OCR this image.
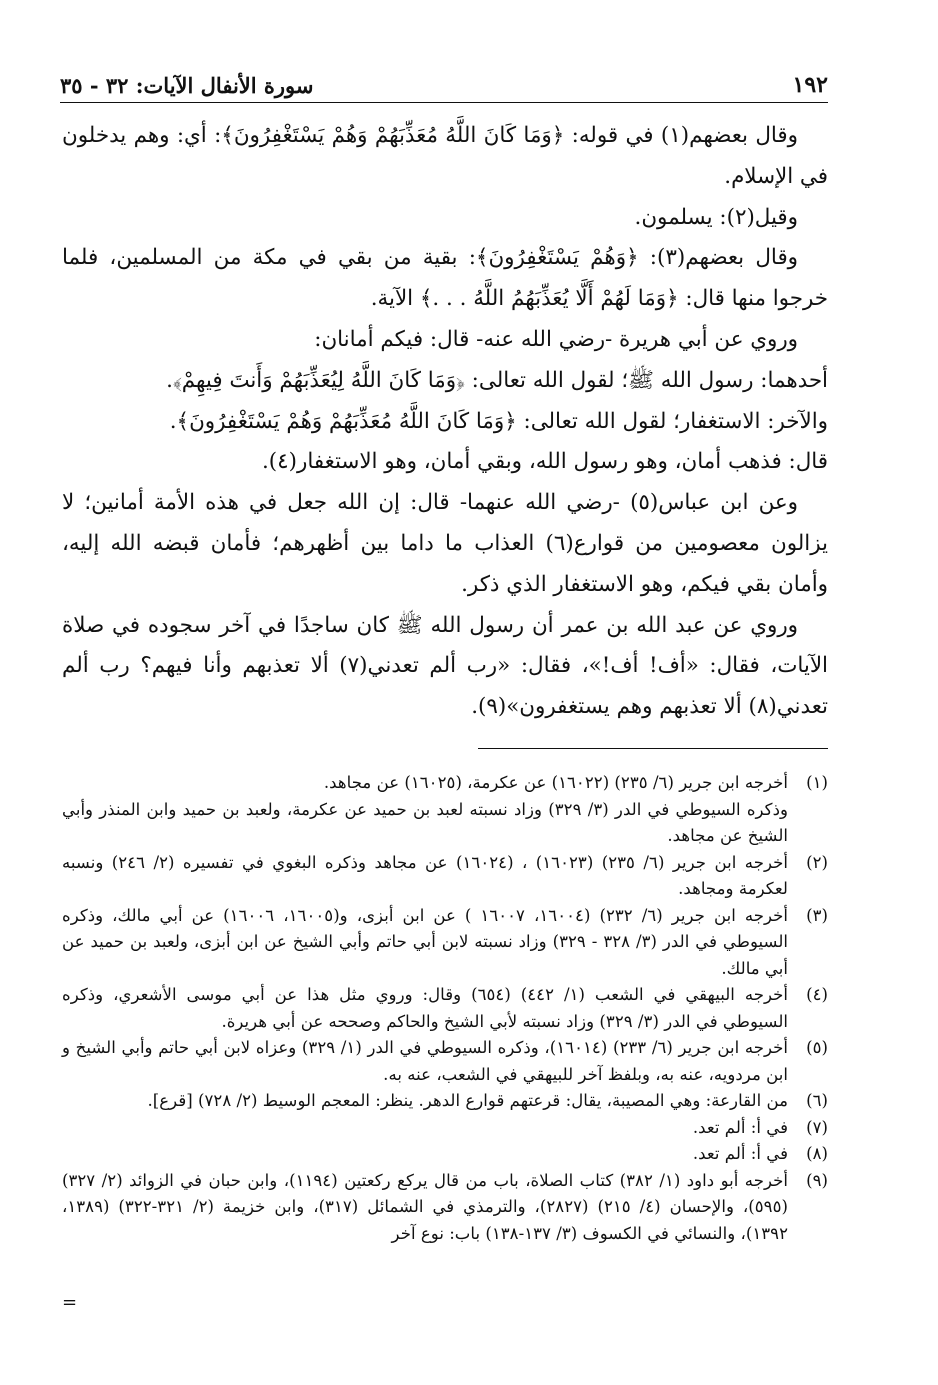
١٩٢
سورة الأنفال الآيات: ٣٢ - ٣٥

وقال بعضهم(١) في قوله: ﴿وَمَا كَانَ اللَّهُ مُعَذِّبَهُمْ وَهُمْ يَسْتَغْفِرُونَ﴾: أي: وهم يدخلون في الإسلام.

وقيل(٢): يسلمون.

وقال بعضهم(٣): ﴿وَهُمْ يَسْتَغْفِرُونَ﴾: بقية من بقي في مكة من المسلمين، فلما خرجوا منها قال: ﴿وَمَا لَهُمْ أَلَّا يُعَذِّبَهُمُ اللَّهُ . . .﴾ الآية.

وروي عن أبي هريرة -رضي الله عنه- قال: فيكم أمانان:

أحدهما: رسول الله ﷺ؛ لقول الله تعالى: ﴿وَمَا كَانَ اللَّهُ لِيُعَذِّبَهُمْ وَأَنتَ فِيهِمْ﴾.

والآخر: الاستغفار؛ لقول الله تعالى: ﴿وَمَا كَانَ اللَّهُ مُعَذِّبَهُمْ وَهُمْ يَسْتَغْفِرُونَ﴾.

قال: فذهب أمان، وهو رسول الله، وبقي أمان، وهو الاستغفار(٤).

وعن ابن عباس(٥) -رضي الله عنهما- قال: إن الله جعل في هذه الأمة أمانين؛ لا يزالون معصومين من قوارع(٦) العذاب ما داما بين أظهرهم؛ فأمان قبضه الله إليه، وأمان بقي فيكم، وهو الاستغفار الذي ذكر.

وروي عن عبد الله بن عمر أن رسول الله ﷺ كان ساجدًا في آخر سجوده في صلاة الآيات، فقال: «أف! أف!»، فقال: «رب ألم تعدني(٧) ألا تعذبهم وأنا فيهم؟ رب ألم تعدني(٨) ألا تعذبهم وهم يستغفرون»(٩).

(١)
أخرجه ابن جرير (٦/ ٢٣٥) (١٦٠٢٢) عن عكرمة، (١٦٠٢٥) عن مجاهد.
وذكره السيوطي في الدر (٣/ ٣٢٩) وزاد نسبته لعبد بن حميد عن عكرمة، ولعبد بن حميد وابن المنذر وأبي الشيخ عن مجاهد.
(٢)
أخرجه ابن جرير (٦/ ٢٣٥) (١٦٠٢٣) ، (١٦٠٢٤) عن مجاهد وذكره البغوي في تفسيره (٢/ ٢٤٦) ونسبه لعكرمة ومجاهد.
(٣)
أخرجه ابن جرير (٦/ ٢٣٢) (١٦٠٠٤، ١٦٠٠٧ ) عن ابن أبزى، و(١٦٠٠٥، ١٦٠٠٦) عن أبي مالك، وذكره السيوطي في الدر (٣/ ٣٢٨ - ٣٢٩) وزاد نسبته لابن أبي حاتم وأبي الشيخ عن ابن أبزى، ولعبد بن حميد عن أبي مالك.
(٤)
أخرجه البيهقي في الشعب (١/ ٤٤٢) (٦٥٤) وقال: وروي مثل هذا عن أبي موسى الأشعري، وذكره السيوطي في الدر (٣/ ٣٢٩) وزاد نسبته لأبي الشيخ والحاكم وصححه عن أبي هريرة.
(٥)
أخرجه ابن جرير (٦/ ٢٣٣) (١٦٠١٤)، وذكره السيوطي في الدر (١/ ٣٢٩) وعزاه لابن أبي حاتم وأبي الشيخ و ابن مردويه، عنه به، وبلفظ آخر للبيهقي في الشعب، عنه به.
(٦)
من القارعة: وهي المصيبة، يقال: قرعتهم قوارع الدهر. ينظر: المعجم الوسيط (٢/ ٧٢٨) [قرع].
(٧)
في أ: ألم تعد.
(٨)
في أ: ألم تعد.
(٩)
أخرجه أبو داود (١/ ٣٨٢) كتاب الصلاة، باب من قال يركع ركعتين (١١٩٤)، وابن حبان في الزوائد (٢/ ٣٢٧) (٥٩٥)، والإحسان (٤/ ٢١٥) (٢٨٢٧)، والترمذي في الشمائل (٣١٧)، وابن خزيمة (٢/ ٣٢١-٣٢٢) (١٣٨٩، ١٣٩٢)، والنسائي في الكسوف (٣/ ١٣٧-١٣٨) باب: نوع آخر
=
